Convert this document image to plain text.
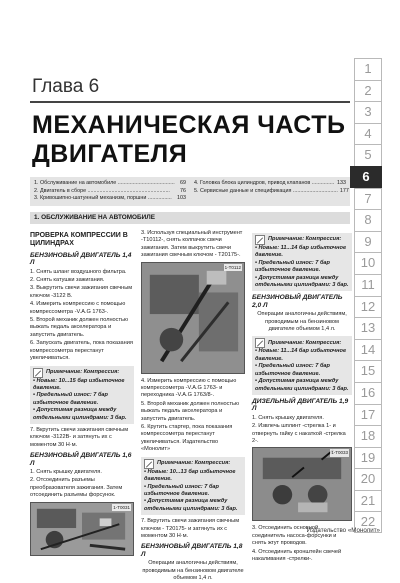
1
2
3
4
5
6
7
8
9
10
11
12
13
14
15
16
17
18
19
20
21
22
Глава 6
МЕХАНИЧЕСКАЯ ЧАСТЬ
ДВИГАТЕЛЯ
1. Обслуживание на автомобиле ...................................... 69
2. Двигатель в сборе .......................................................	76
3. Кривошипно-шатунный механизм, поршни ................ 103
4. Головка блока цилиндров, привод клапанов ............... 133
5. Сервисные данные и спецификация .............................. 177
1. ОБСЛУЖИВАНИЕ НА АВТОМОБИЛЕ
ПРОВЕРКА КОМПРЕССИИ В ЦИЛИНДРАХ
БЕНЗИНОВЫЙ ДВИГАТЕЛЬ 1,4 Л

1. Снять шланг воздушного фильтра.

2. Снять катушки зажигания.

3. Выкрутить свечи зажигания свечным ключом -3122 В.

4. Измерить компрессию с помощью компрессометра -V.A.G 1763-.

5. Второй механик должен полностью выжать педаль акселератора и запустить двигатель.

6. Запускать двигатель, пока показания компрессометра перестанут увеличиваться.

Примечание: Компрессия:
• Новые: 10...15 бар избыточное давление.
• Предельный износ: 7 бар избыточное давление.
• Допустимая разница между отдельными цилиндрами: 3 бар.

7. Вкрутить свечи зажигания свечным ключом -3122В- и затянуть их с моментом 30 Н·м.

БЕНЗИНОВЫЙ ДВИГАТЕЛЬ 1,6 Л

1. Снять крышку двигателя.

2. Отсоединить разъемы преобразователя зажигания. Затем отсоединить разъемы форсунок.

1-T0031

3. Используя специальный инструмент -T10112-, снять колпачок свечи зажигания. Затем выкрутить свечи зажигания свечным ключом - T20175-.

1-T0112

4. Измерить компрессию с помощью компрессометра -V.A.G 1763- и переходника -V.A.G 1763/8-.

5. Второй механик должен полностью выжать педаль акселератора и запустить двигатель.

6. Крутить стартер, пока показания компрессометра перестанут увеличиваться. Издательство «Монолит»

Примечание: Компрессия:
• Новые: 10...13 бар избыточное давление.
• Предельный износ: 7 бар избыточное давление.
• Допустимая разница между отдельными цилиндрами: 3 бар.

7. Вкрутить свечи зажигания свечным ключом - T20175- и затянуть их с моментом 30 Н·м.

БЕНЗИНОВЫЙ ДВИГАТЕЛЬ 1,8 Л

Операции аналогичны действиям, проводимым на бензиновом двигателе объемом 1,4 л.

Примечание: Компрессия:
• Новые: 11...14 бар избыточное давление.
• Предельный износ: 7 бар избыточное давление.
• Допустимая разница между отдельными цилиндрами: 3 бар.
БЕНЗИНОВЫЙ ДВИГАТЕЛЬ 2,0 Л

Операции аналогичны действиям, проводимым на бензиновом двигателе объемом 1,4 л.

Примечание: Компрессия:
• Новые: 11...14 бар избыточное давление.
• Предельный износ: 7 бар избыточное давление.
• Допустимая разница между отдельными цилиндрами: 3 бар.
ДИЗЕЛЬНЫЙ ДВИГАТЕЛЬ 1,9 Л

1. Снять крышку двигателя.

2. Извлечь шплинт -стрелка 1- и отвернуть гайку с накаткой -стрелка 2-.

1-T0033

3. Отсоединить основной соединитель насоса-форсунки и снять жгут проводов.

4. Отсоединить кронштейн свечей накаливания -стрелки-.

Издательство «Монолит»
